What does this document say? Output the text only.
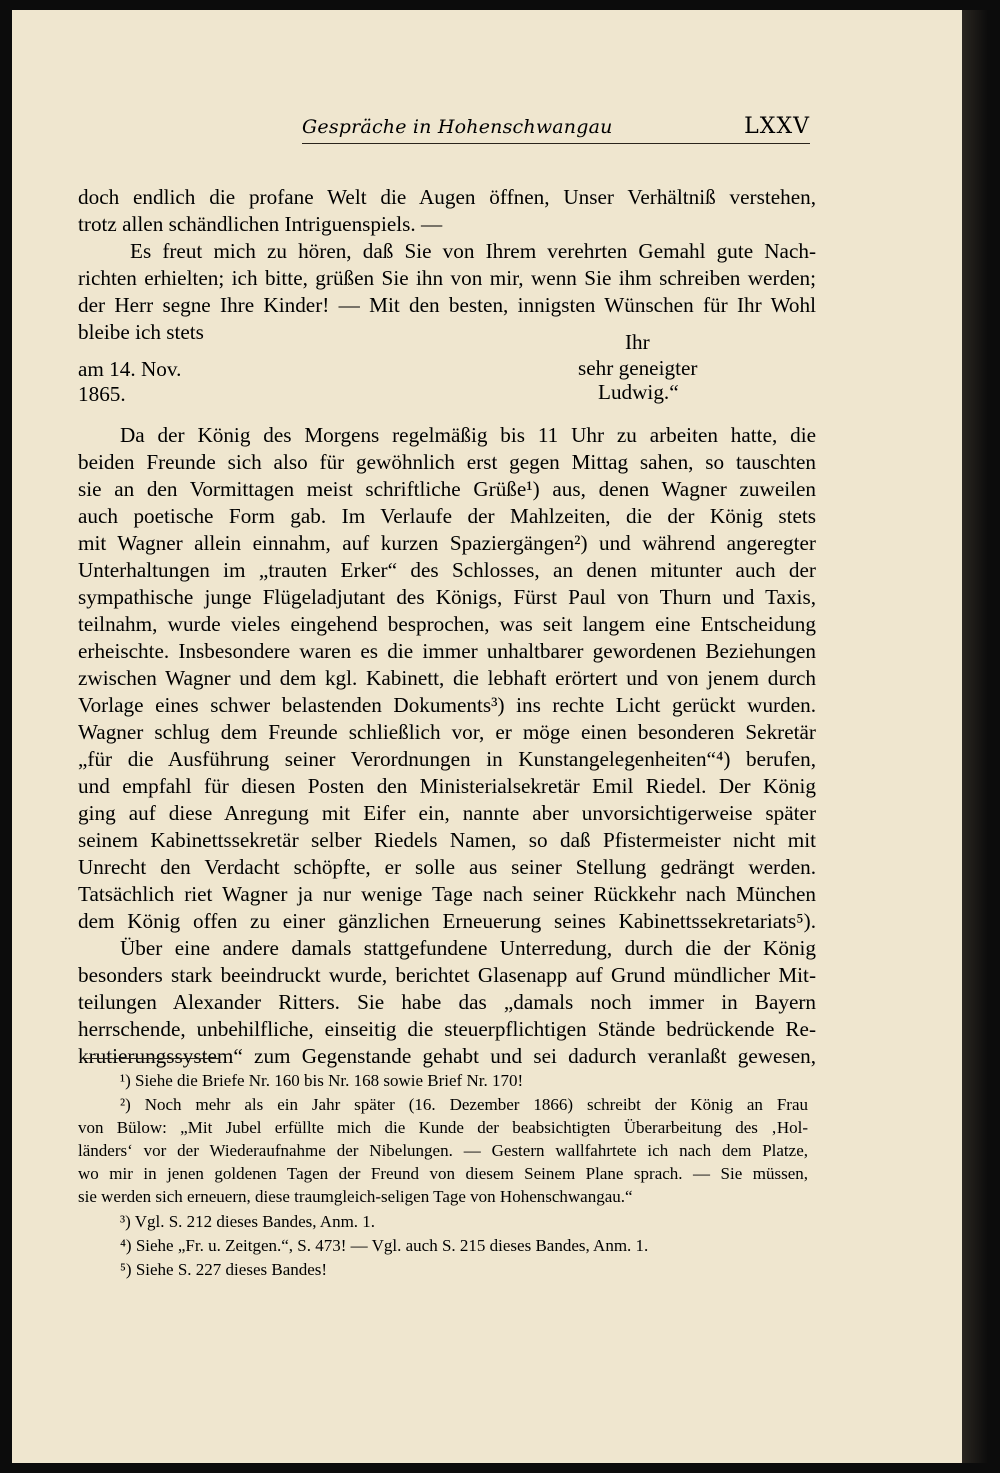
Gespräche in Hohenschwangau	LXXV
doch endlich die profane Welt die Augen öffnen, Unser Verhältniß verstehen,
trotz allen schändlichen Intriguenspiels. —
Es freut mich zu hören, daß Sie von Ihrem verehrten Gemahl gute Nach-
richten erhielten; ich bitte, grüßen Sie ihn von mir, wenn Sie ihm schreiben werden;
der Herr segne Ihre Kinder! — Mit den besten, innigsten Wünschen für Ihr Wohl
bleibe ich stets	Ihr
am 14. Nov.	sehr geneigter
1865.	Ludwig.“
Da der König des Morgens regelmäßig bis 11 Uhr zu arbeiten hatte, die
beiden Freunde sich also für gewöhnlich erst gegen Mittag sahen, so tauschten
sie an den Vormittagen meist schriftliche Grüße¹) aus, denen Wagner zuweilen
auch poetische Form gab. Im Verlaufe der Mahlzeiten, die der König stets
mit Wagner allein einnahm, auf kurzen Spaziergängen²) und während angeregter
Unterhaltungen im „trauten Erker“ des Schlosses, an denen mitunter auch der
sympathische junge Flügeladjutant des Königs, Fürst Paul von Thurn und Taxis,
teilnahm, wurde vieles eingehend besprochen, was seit langem eine Entscheidung
erheischte. Insbesondere waren es die immer unhaltbarer gewordenen Beziehungen
zwischen Wagner und dem kgl. Kabinett, die lebhaft erörtert und von jenem durch
Vorlage eines schwer belastenden Dokuments³) ins rechte Licht gerückt wurden.
Wagner schlug dem Freunde schließlich vor, er möge einen besonderen Sekretär
„für die Ausführung seiner Verordnungen in Kunstangelegenheiten“⁴) berufen,
und empfahl für diesen Posten den Ministerialsekretär Emil Riedel. Der König
ging auf diese Anregung mit Eifer ein, nannte aber unvorsichtigerweise später
seinem Kabinettssekretär selber Riedels Namen, so daß Pfistermeister nicht mit
Unrecht den Verdacht schöpfte, er solle aus seiner Stellung gedrängt werden.
Tatsächlich riet Wagner ja nur wenige Tage nach seiner Rückkehr nach München
dem König offen zu einer gänzlichen Erneuerung seines Kabinettssekretariats⁵).
Über eine andere damals stattgefundene Unterredung, durch die der König
besonders stark beeindruckt wurde, berichtet Glasenapp auf Grund mündlicher Mit-
teilungen Alexander Ritters. Sie habe das „damals noch immer in Bayern
herrschende, unbehilfliche, einseitig die steuerpflichtigen Stände bedrückende Re-
krutierungssystem“ zum Gegenstande gehabt und sei dadurch veranlaßt gewesen,
¹) Siehe die Briefe Nr. 160 bis Nr. 168 sowie Brief Nr. 170!
²) Noch mehr als ein Jahr später (16. Dezember 1866) schreibt der König an Frau
von Bülow: „Mit Jubel erfüllte mich die Kunde der beabsichtigten Überarbeitung des ‚Hol-
länders‘ vor der Wiederaufnahme der Nibelungen. — Gestern wallfahrtete ich nach dem Platze,
wo mir in jenen goldenen Tagen der Freund von diesem Seinem Plane sprach. — Sie müssen,
sie werden sich erneuern, diese traumgleich-seligen Tage von Hohenschwangau.“
³) Vgl. S. 212 dieses Bandes, Anm. 1.
⁴) Siehe „Fr. u. Zeitgen.“, S. 473! — Vgl. auch S. 215 dieses Bandes, Anm. 1.
⁵) Siehe S. 227 dieses Bandes!
